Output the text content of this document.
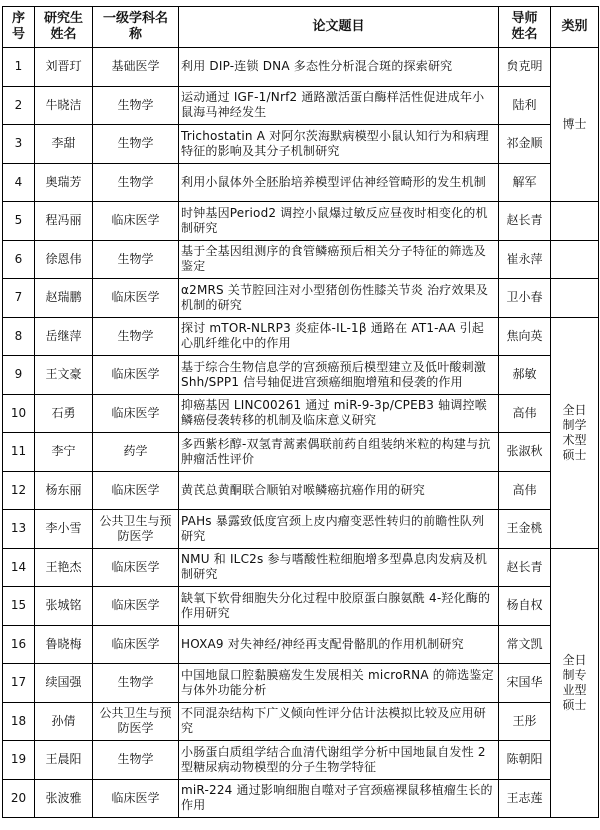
序号	研究生姓名	一级学科名称	论文题目	导师姓名	类别
1	刘晋玎	基础医学	利用 DIP-连锁 DNA 多态性分析混合斑的探索研究	贠克明	博士
2	牛晓洁	生物学	运动通过 IGF-1/Nrf2 通路激活蛋白酶样活性促进成年小鼠海马神经发生	陆利	
3	李甜	生物学	Trichostatin A 对阿尔茨海默病模型小鼠认知行为和病理特征的影响及其分子机制研究	祁金顺	
4	奥瑞芳	生物学	利用小鼠体外全胚胎培养模型评估神经管畸形的发生机制	解军	
5	程冯丽	临床医学	时钟基因Period2 调控小鼠爆过敏反应昼夜时相变化的机制研究	赵长青	
6	徐恩伟	生物学	基于全基因组测序的食管鳞癌预后相关分子特征的筛选及鉴定	崔永萍	
7	赵瑞鹏	临床医学	α2MRS 关节腔回注对小型猪创伤性膝关节炎 治疗效果及机制的研究	卫小春	
8	岳继萍	生物学	探讨 mTOR-NLRP3 炎症体-IL-1β 通路在 AT1-AA 引起心肌纤维化中的作用	焦向英	全日制学术型硕士
9	王文豪	临床医学	基于综合生物信息学的宫颈癌预后模型建立及低叶酸刺激 Shh/SPP1 信号轴促进宫颈癌细胞增殖和侵袭的作用	郝敏	
10	石勇	临床医学	抑癌基因 LINC00261 通过 miR-9-3p/CPEB3 轴调控喉鳞癌侵袭转移的机制及临床意义研究	高伟	
11	李宁	药学	多西紫杉醇-双氢青蒿素偶联前药自组装纳米粒的构建与抗肿瘤活性评价	张淑秋	
12	杨东丽	临床医学	黄芪总黄酮联合顺铂对喉鳞癌抗癌作用的研究	高伟	
13	李小雪	公共卫生与预防医学	PAHs 暴露致低度宫颈上皮内瘤变恶性转归的前瞻性队列研究	王金桃	
14	王艳杰	临床医学	NMU 和 ILC2s 参与嗜酸性粒细胞增多型鼻息肉发病及机制研究	赵长青	全日制专业型硕士
15	张城铭	临床医学	缺氧下软骨细胞失分化过程中胶原蛋白腺氨酰 4-羟化酶的作用研究	杨自权	
16	鲁晓梅	临床医学	HOXA9 对失神经/神经再支配骨骼肌的作用机制研究	常文凯	
17	续国强	生物学	中国地鼠口腔黏膜癌发生发展相关 microRNA 的筛选鉴定与体外功能分析	宋国华	
18	孙倩	公共卫生与预防医学	不同混杂结构下广义倾向性评分估计法模拟比较及应用研究	王彤	
19	王晨阳	生物学	小肠蛋白质组学结合血清代谢组学分析中国地鼠自发性 2 型糖尿病动物模型的分子生物学特征	陈朝阳	
20	张波雅	临床医学	miR-224 通过影响细胞自噬对子宫颈癌裸鼠移植瘤生长的作用	王志莲	
